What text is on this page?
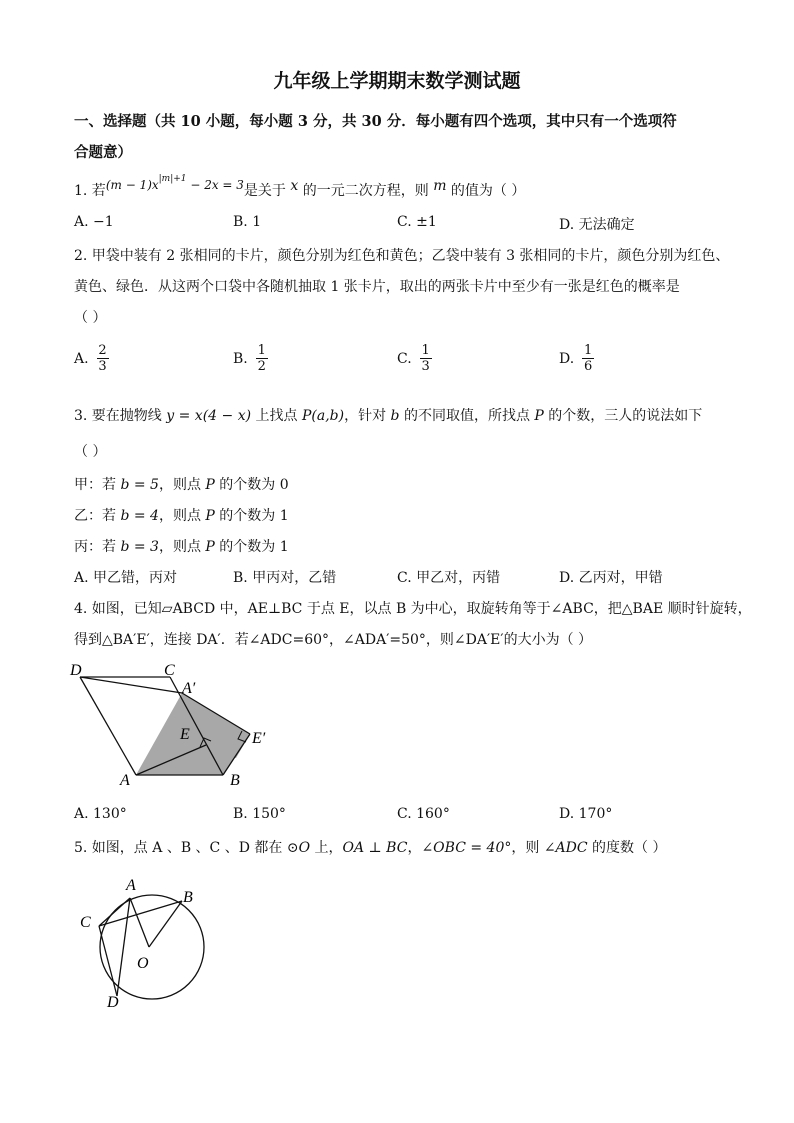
九年级上学期期末数学测试题
一、选择题（共 10 小题，每小题 3 分，共 30 分．每小题有四个选项，其中只有一个选项符
合题意）
1. 若$(m - 1)x^{|m|+1} - 2x = 3$是关于 x 的一元二次方程，则 m 的值为（ ）
A. −1	B. 1	C. ±1	D. 无法确定
2. 甲袋中装有 2 张相同的卡片，颜色分别为红色和黄色；乙袋中装有 3 张相同的卡片，颜色分别为红色、
黄色、绿色．从这两个口袋中各随机抽取 1 张卡片，取出的两张卡片中至少有一张是红色的概率是
（ ）
A. $\frac{2}{3}$	B. $\frac{1}{2}$	C. $\frac{1}{3}$	D. $\frac{1}{6}$
3. 要在抛物线 y = x(4 − x) 上找点 P(a,b)，针对 b 的不同取值，所找点 P 的个数，三人的说法如下
（ ）
甲：若 b = 5，则点 P 的个数为 0
乙：若 b = 4，则点 P 的个数为 1
丙：若 b = 3，则点 P 的个数为 1
A. 甲乙错，丙对	B. 甲丙对，乙错	C. 甲乙对，丙错	D. 乙丙对，甲错
4. 如图，已知▱ABCD 中，AE⊥BC 于点 E，以点 B 为中心，取旋转角等于∠ABC，把△BAE 顺时针旋转，
得到△BA′E′，连接 DA′．若∠ADC=60°，∠ADA′=50°，则∠DA′E′的大小为（ ）
D	C
A′
E	E′
A	B
A. 130°	B. 150°	C. 160°	D. 170°
5. 如图，点 A 、B 、C 、D 都在 ⊙O 上，OA ⊥ BC，∠OBC = 40°，则 ∠ADC 的度数（ ）
A
B
C
O
D
